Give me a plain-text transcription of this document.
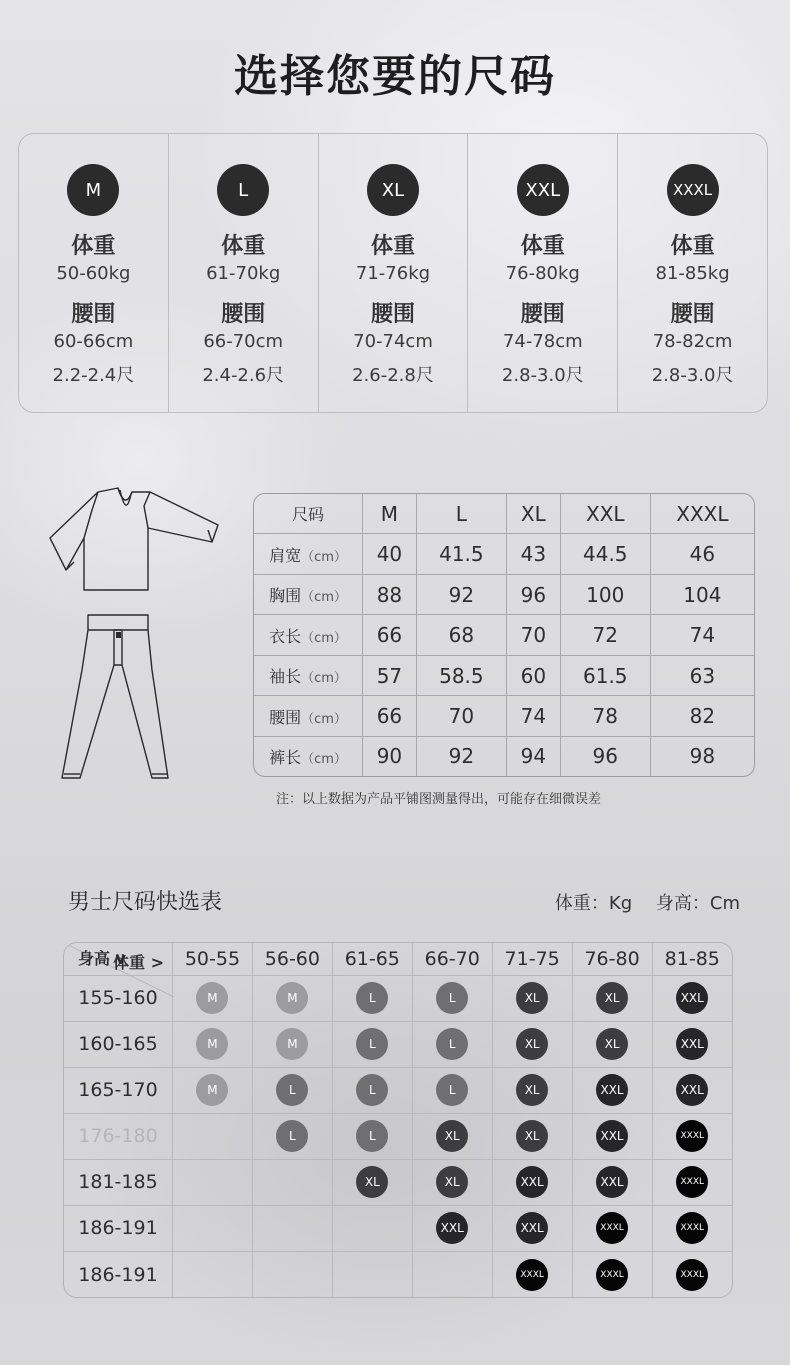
选择您要的尺码
M
体重
50-60kg
腰围
60-66cm
2.2-2.4尺
L
体重
61-70kg
腰围
66-70cm
2.4-2.6尺
XL
体重
71-76kg
腰围
70-74cm
2.6-2.8尺
XXL
体重
76-80kg
腰围
74-78cm
2.8-3.0尺
XXXL
体重
81-85kg
腰围
78-82cm
2.8-3.0尺
尺码	M	L	XL	XXL	XXXL
肩宽（cm）	40	41.5	43	44.5	46
胸围（cm）	88	92	96	100	104
衣长（cm）	66	68	70	72	74
袖长（cm）	57	58.5	60	61.5	63
腰围（cm）	66	70	74	78	82
裤长（cm）	90	92	94	96	98
注：以上数据为产品平铺图测量得出，可能存在细微误差
男士尺码快选表	体重：Kg 身高：Cm
体重 >
身高 v	50-55	56-60	61-65	66-70	71-75	76-80	81-85
155-160	M	M	L	L	XL	XL	XXL
160-165	M	M	L	L	XL	XL	XXL
165-170	M	L	L	L	XL	XXL	XXL
176-180		L	L	XL	XL	XXL	XXXL
181-185			XL	XL	XXL	XXL	XXXL
186-191				XXL	XXL	XXXL	XXXL
186-191					XXXL	XXXL	XXXL
